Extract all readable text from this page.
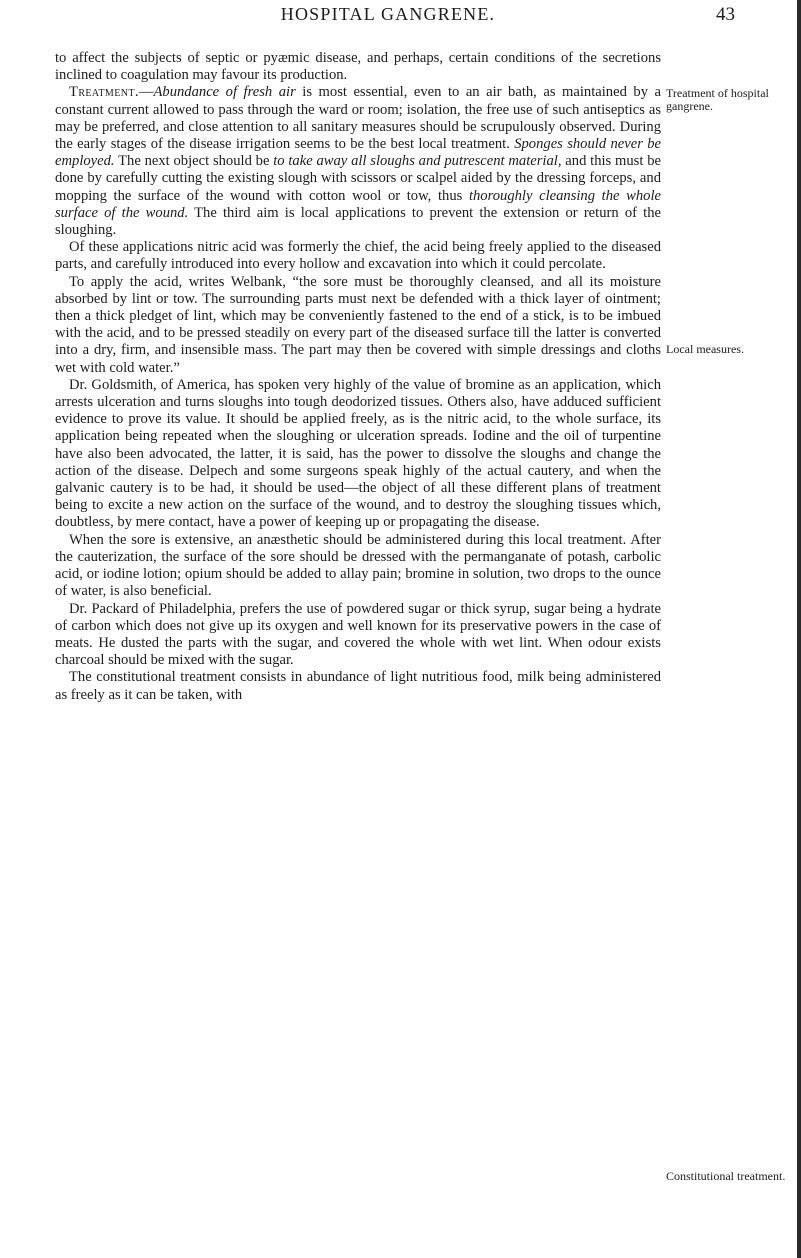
HOSPITAL GANGRENE.	43

to affect the subjects of septic or pyæmic disease, and perhaps, certain conditions of the secretions inclined to coagulation may favour its production.

Treatment.—Abundance of fresh air is most essential, even to an air bath, as maintained by a constant current allowed to pass through the ward or room; isolation, the free use of such antiseptics as may be preferred, and close attention to all sanitary measures should be scrupulously observed. During the early stages of the disease irrigation seems to be the best local treatment. Sponges should never be employed. The next object should be to take away all sloughs and putrescent material, and this must be done by carefully cutting the existing slough with scissors or scalpel aided by the dressing forceps, and mopping the surface of the wound with cotton wool or tow, thus thoroughly cleansing the whole surface of the wound. The third aim is local applications to prevent the extension or return of the sloughing.

Of these applications nitric acid was formerly the chief, the acid being freely applied to the diseased parts, and carefully introduced into every hollow and excavation into which it could percolate.

To apply the acid, writes Welbank, “the sore must be thoroughly cleansed, and all its moisture absorbed by lint or tow. The surrounding parts must next be defended with a thick layer of ointment; then a thick pledget of lint, which may be conveniently fastened to the end of a stick, is to be imbued with the acid, and to be pressed steadily on every part of the diseased surface till the latter is converted into a dry, firm, and insensible mass. The part may then be covered with simple dressings and cloths wet with cold water.”

Dr. Goldsmith, of America, has spoken very highly of the value of bromine as an application, which arrests ulceration and turns sloughs into tough deodorized tissues. Others also, have adduced sufficient evidence to prove its value. It should be applied freely, as is the nitric acid, to the whole surface, its application being repeated when the sloughing or ulceration spreads. Iodine and the oil of turpentine have also been advocated, the latter, it is said, has the power to dissolve the sloughs and change the action of the disease. Delpech and some surgeons speak highly of the actual cautery, and when the galvanic cautery is to be had, it should be used—the object of all these different plans of treatment being to excite a new action on the surface of the wound, and to destroy the sloughing tissues which, doubtless, by mere contact, have a power of keeping up or propagating the disease.

When the sore is extensive, an anæsthetic should be administered during this local treatment. After the cauterization, the surface of the sore should be dressed with the permanganate of potash, carbolic acid, or iodine lotion; opium should be added to allay pain; bromine in solution, two drops to the ounce of water, is also beneficial.

Dr. Packard of Philadelphia, prefers the use of powdered sugar or thick syrup, sugar being a hydrate of carbon which does not give up its oxygen and well known for its preservative powers in the case of meats. He dusted the parts with the sugar, and covered the whole with wet lint. When odour exists charcoal should be mixed with the sugar.

The constitutional treatment consists in abundance of light nutritious food, milk being administered as freely as it can be taken, with

Treatment of hospital gangrene.
Local measures.
Constitutional treatment.
